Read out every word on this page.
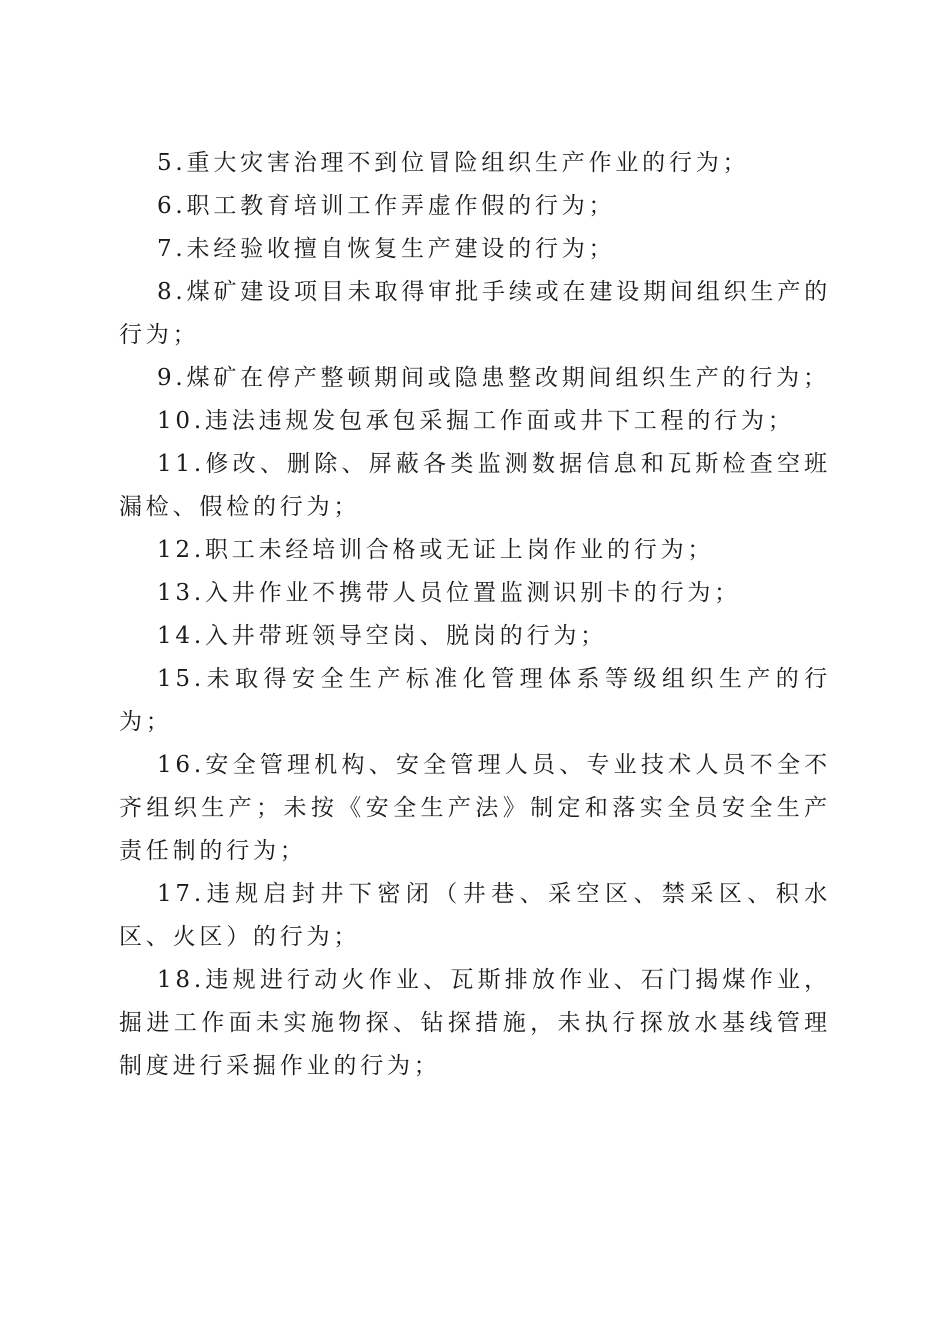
5.重大灾害治理不到位冒险组织生产作业的行为；

6.职工教育培训工作弄虚作假的行为；

7.未经验收擅自恢复生产建设的行为；

8.煤矿建设项目未取得审批手续或在建设期间组织生产的行为；

9.煤矿在停产整顿期间或隐患整改期间组织生产的行为；

10.违法违规发包承包采掘工作面或井下工程的行为；

11.修改、删除、屏蔽各类监测数据信息和瓦斯检查空班漏检、假检的行为；

12.职工未经培训合格或无证上岗作业的行为；

13.入井作业不携带人员位置监测识别卡的行为；

14.入井带班领导空岗、脱岗的行为；

15.未取得安全生产标准化管理体系等级组织生产的行为；

16.安全管理机构、安全管理人员、专业技术人员不全不齐组织生产；未按《安全生产法》制定和落实全员安全生产责任制的行为；

17.违规启封井下密闭（井巷、采空区、禁采区、积水区、火区）的行为；

18.违规进行动火作业、瓦斯排放作业、石门揭煤作业，掘进工作面未实施物探、钻探措施，未执行探放水基线管理制度进行采掘作业的行为；
